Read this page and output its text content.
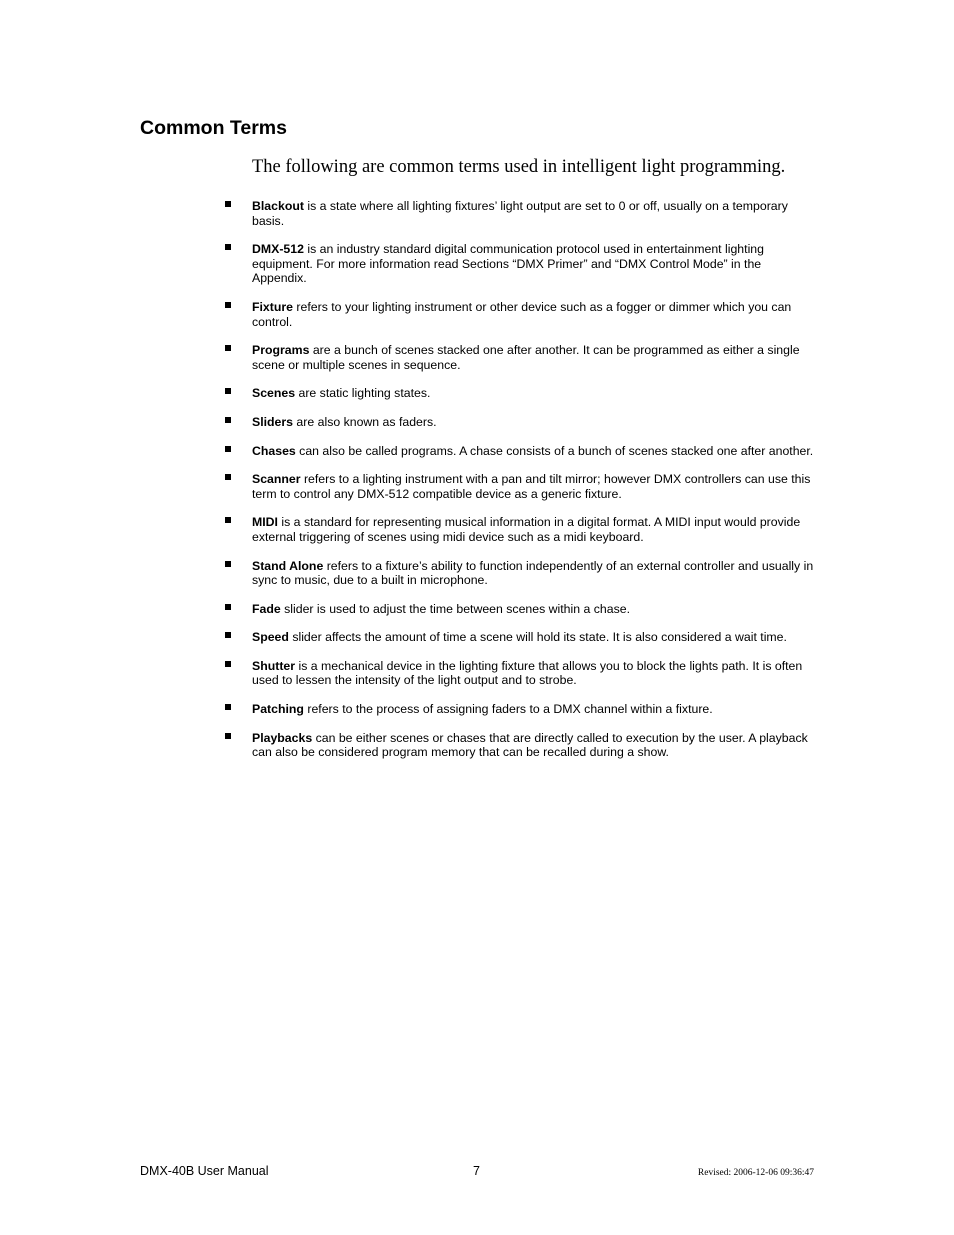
Common Terms

The following are common terms used in intelligent light programming.

Blackout is a state where all lighting fixtures’ light output are set to 0 or off, usually on a temporary basis.
DMX-512 is an industry standard digital communication protocol used in entertainment lighting equipment. For more information read Sections “DMX Primer” and “DMX Control Mode” in the Appendix.
Fixture refers to your lighting instrument or other device such as a fogger or dimmer which you can control.
Programs are a bunch of scenes stacked one after another. It can be programmed as either a single scene or multiple scenes in sequence.
Scenes are static lighting states.
Sliders are also known as faders.
Chases can also be called programs. A chase consists of a bunch of scenes stacked one after another.
Scanner refers to a lighting instrument with a pan and tilt mirror; however DMX controllers can use this term to control any DMX-512 compatible device as a generic fixture.
MIDI is a standard for representing musical information in a digital format. A MIDI input would provide external triggering of scenes using midi device such as a midi keyboard.
Stand Alone refers to a fixture’s ability to function independently of an external controller and usually in sync to music, due to a built in microphone.
Fade slider is used to adjust the time between scenes within a chase.
Speed slider affects the amount of time a scene will hold its state. It is also considered a wait time.
Shutter is a mechanical device in the lighting fixture that allows you to block the lights path. It is often used to lessen the intensity of the light output and to strobe.
Patching refers to the process of assigning faders to a DMX channel within a fixture.
Playbacks can be either scenes or chases that are directly called to execution by the user. A playback can also be considered program memory that can be recalled during a show.
DMX-40B User Manual	7	Revised: 2006-12-06 09:36:47
